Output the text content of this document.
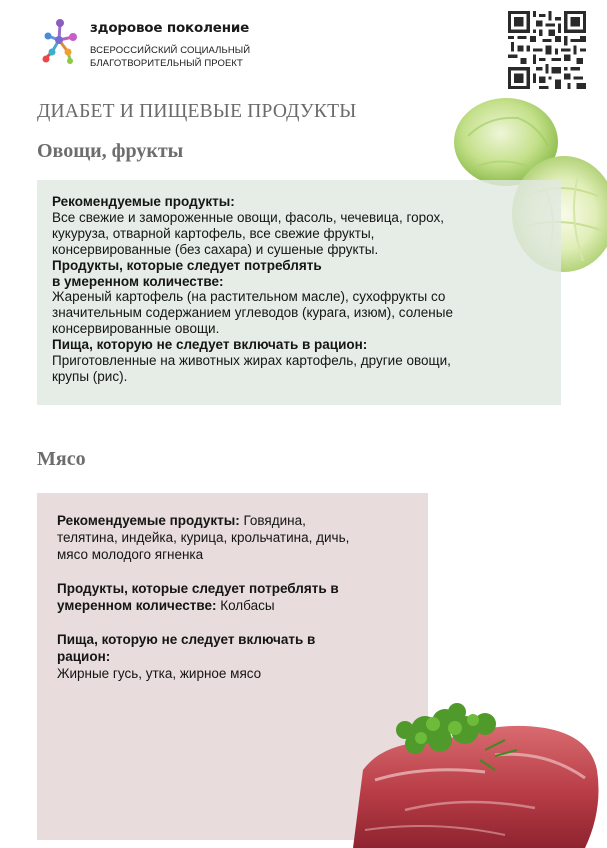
здоровое поколение
ВСЕРОССИЙСКИЙ СОЦИАЛЬНЫЙ
БЛАГОТВОРИТЕЛЬНЫЙ ПРОЕКТ
ДИАБЕТ И ПИЩЕВЫЕ ПРОДУКТЫ
Овощи, фрукты

Рекомендуемые продукты:

Все свежие и замороженные овощи, фасоль, чечевица, горох,

кукуруза, отварной картофель, все свежие фрукты,

консервированные (без сахара) и сушеные фрукты.

Продукты, которые следует потреблять

в умеренном количестве:

Жареный картофель (на растительном масле), сухофрукты со

значительным содержанием углеводов (курага, изюм), соленые

консервированные овощи.

Пища, которую не следует включать в рацион:

Приготовленные на животных жирах картофель, другие овощи,

крупы (рис).

Мясо

Рекомендуемые продукты: Говядина,
телятина, индейка, курица, крольчатина, дичь,
мясо молодого ягненка

Продукты, которые следует потреблять в
умеренном количестве: Колбасы

Пища, которую не следует включать в
рацион:
Жирные гусь, утка, жирное мясо
